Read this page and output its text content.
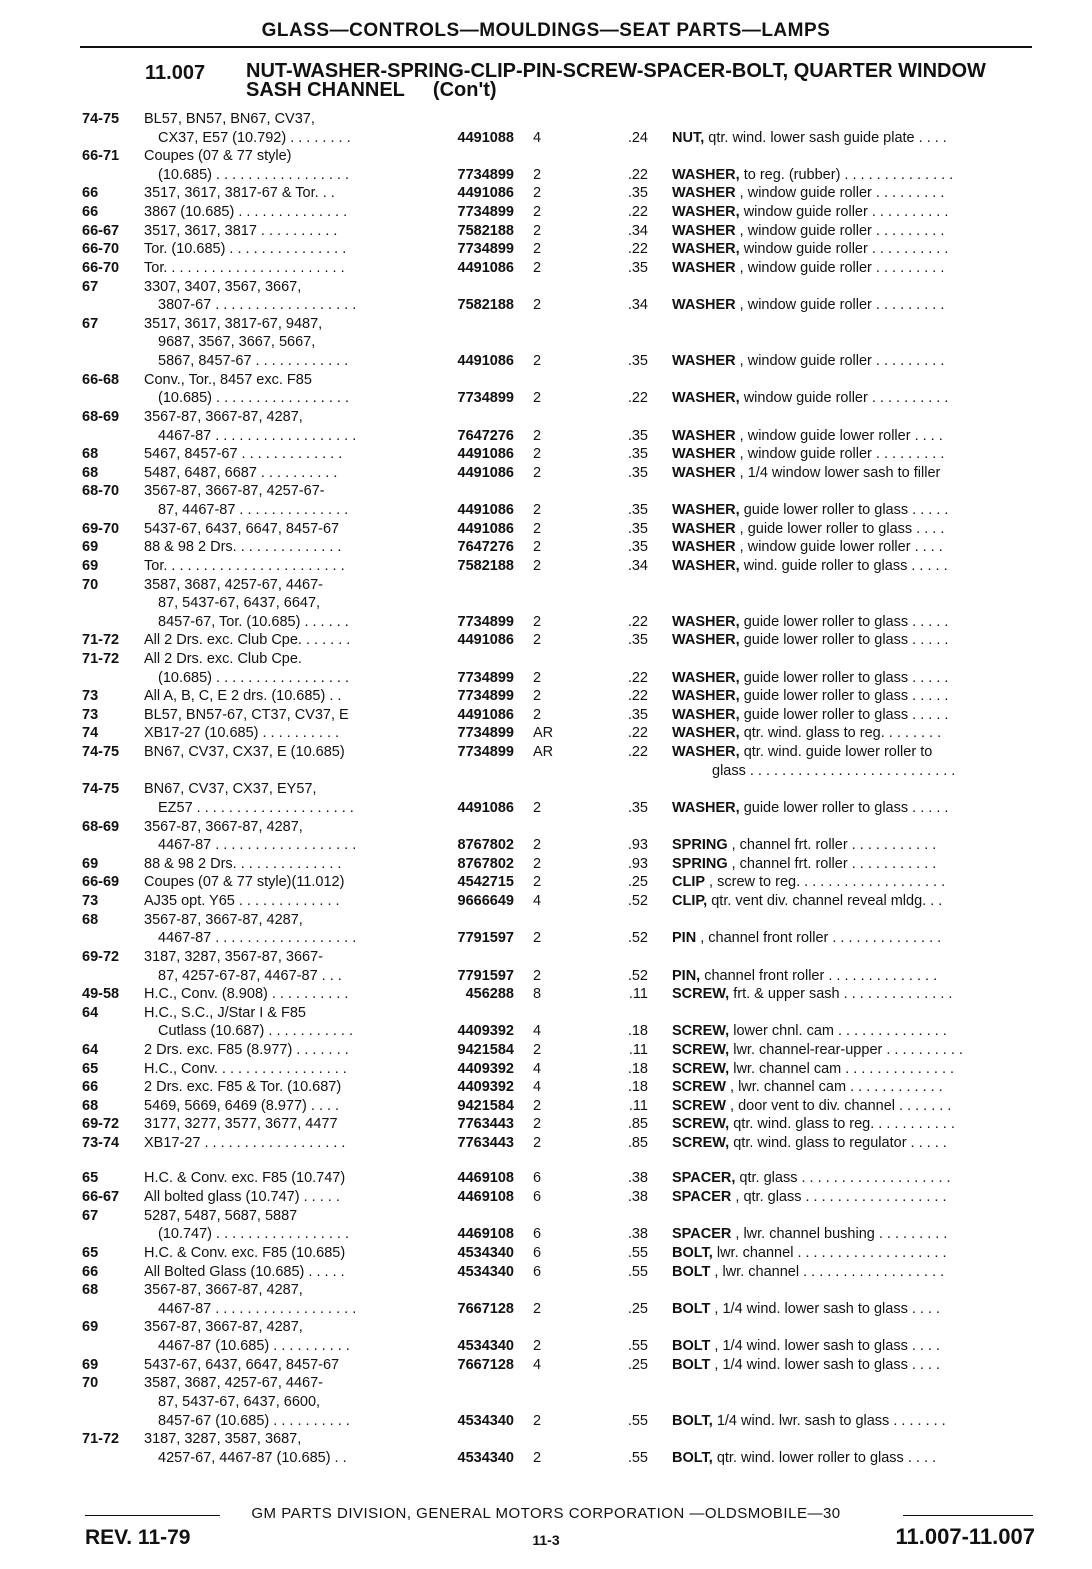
GLASS—CONTROLS—MOULDINGS—SEAT PARTS—LAMPS
11.007 NUT-WASHER-SPRING-CLIP-PIN-SCREW-SPACER-BOLT, QUARTER WINDOW SASH CHANNEL (Con't)
74-75 BL57, BN57, BN67, CV37,
CX37, E57 (10.792) . . . . . . . .	4491088 4	.24 NUT, qtr. wind. lower sash guide plate . . . .
66-71 Coupes (07 & 77 style)
(10.685) . . . . . . . . . . . . . . . . .	7734899 2	.22 WASHER, to reg. (rubber) . . . . . . . . . . . . . .
66	3517, 3617, 3817-67 & Tor. . .	4491086 2	.35 WASHER , window guide roller . . . . . . . . .
66	3867 (10.685) . . . . . . . . . . . . . .	7734899 2	.22 WASHER, window guide roller . . . . . . . . . .
66-67 3517, 3617, 3817 . . . . . . . . . .	7582188 2	.34 WASHER , window guide roller . . . . . . . . .
66-70 Tor. (10.685) . . . . . . . . . . . . . . .	7734899 2	.22 WASHER, window guide roller . . . . . . . . . .
66-70 Tor. . . . . . . . . . . . . . . . . . . . . . .	4491086 2	.35 WASHER , window guide roller . . . . . . . . .
67	3307, 3407, 3567, 3667,
3807-67 . . . . . . . . . . . . . . . . . .	7582188 2	.34 WASHER , window guide roller . . . . . . . . .
67	3517, 3617, 3817-67, 9487,
9687, 3567, 3667, 5667,
5867, 8457-67 . . . . . . . . . . . .	4491086 2	.35 WASHER , window guide roller . . . . . . . . .
66-68 Conv., Tor., 8457 exc. F85
(10.685) . . . . . . . . . . . . . . . . .	7734899 2	.22 WASHER, window guide roller . . . . . . . . . .
68-69 3567-87, 3667-87, 4287,
4467-87 . . . . . . . . . . . . . . . . . .	7647276 2	.35 WASHER , window guide lower roller . . . .
68	5467, 8457-67 . . . . . . . . . . . . .	4491086 2	.35 WASHER , window guide roller . . . . . . . . .
68	5487, 6487, 6687 . . . . . . . . . .	4491086 2	.35 WASHER , 1/4 window lower sash to filler
68-70 3567-87, 3667-87, 4257-67-
87, 4467-87 . . . . . . . . . . . . . .	4491086 2	.35 WASHER, guide lower roller to glass . . . . .
69-70 5437-67, 6437, 6647, 8457-67	4491086 2	.35 WASHER , guide lower roller to glass . . . .
69	88 & 98 2 Drs. . . . . . . . . . . . . .	7647276 2	.35 WASHER , window guide lower roller . . . .
69	Tor. . . . . . . . . . . . . . . . . . . . . . .	7582188 2	.34 WASHER, wind. guide roller to glass . . . . .
70	3587, 3687, 4257-67, 4467-
87, 5437-67, 6437, 6647,
8457-67, Tor. (10.685) . . . . . .	7734899 2	.22 WASHER, guide lower roller to glass . . . . .
71-72 All 2 Drs. exc. Club Cpe. . . . . . .	4491086 2	.35 WASHER, guide lower roller to glass . . . . .
71-72 All 2 Drs. exc. Club Cpe.
(10.685) . . . . . . . . . . . . . . . . .	7734899 2	.22 WASHER, guide lower roller to glass . . . . .
73	All A, B, C, E 2 drs. (10.685) . .	7734899 2	.22 WASHER, guide lower roller to glass . . . . .
73	BL57, BN57-67, CT37, CV37, E	4491086 2	.35 WASHER, guide lower roller to glass . . . . .
74	XB17-27 (10.685) . . . . . . . . . .	7734899 AR	.22 WASHER, qtr. wind. glass to reg. . . . . . . .
74-75 BN67, CV37, CX37, E (10.685)	7734899 AR	.22 WASHER, qtr. wind. guide lower roller to
glass . . . . . . . . . . . . . . . . . . . . . . . . . .
74-75 BN67, CV37, CX37, EY57,
EZ57 . . . . . . . . . . . . . . . . . . . .	4491086 2	.35 WASHER, guide lower roller to glass . . . . .
68-69 3567-87, 3667-87, 4287,
4467-87 . . . . . . . . . . . . . . . . . .	8767802 2	.93 SPRING , channel frt. roller . . . . . . . . . . .
69	88 & 98 2 Drs. . . . . . . . . . . . . .	8767802 2	.93 SPRING , channel frt. roller . . . . . . . . . . .
66-69 Coupes (07 & 77 style)(11.012)	4542715 2	.25 CLIP , screw to reg. . . . . . . . . . . . . . . . . . .
73	AJ35 opt. Y65 . . . . . . . . . . . . .	9666649 4	.52 CLIP, qtr. vent div. channel reveal mldg. . .
68	3567-87, 3667-87, 4287,
4467-87 . . . . . . . . . . . . . . . . . .	7791597 2	.52 PIN , channel front roller . . . . . . . . . . . . . .
69-72 3187, 3287, 3567-87, 3667-
87, 4257-67-87, 4467-87 . . .	7791597 2	.52 PIN, channel front roller . . . . . . . . . . . . . .
49-58 H.C., Conv. (8.908) . . . . . . . . . .	456288 8	.11 SCREW, frt. & upper sash . . . . . . . . . . . . . .
64	H.C., S.C., J/Star I & F85
Cutlass (10.687) . . . . . . . . . . .	4409392 4	.18 SCREW, lower chnl. cam . . . . . . . . . . . . . .
64	2 Drs. exc. F85 (8.977) . . . . . . .	9421584 2	.11 SCREW, lwr. channel-rear-upper . . . . . . . . . .
65	H.C., Conv. . . . . . . . . . . . . . . . .	4409392 4	.18 SCREW, lwr. channel cam . . . . . . . . . . . . . .
66	2 Drs. exc. F85 & Tor. (10.687)	4409392 4	.18 SCREW , lwr. channel cam . . . . . . . . . . . .
68	5469, 5669, 6469 (8.977) . . . .	9421584 2	.11 SCREW , door vent to div. channel . . . . . . .
69-72 3177, 3277, 3577, 3677, 4477	7763443 2	.85 SCREW, qtr. wind. glass to reg. . . . . . . . . . .
73-74 XB17-27 . . . . . . . . . . . . . . . . . .	7763443 2	.85 SCREW, qtr. wind. glass to regulator . . . . .
65	H.C. & Conv. exc. F85 (10.747)	4469108 6	.38 SPACER, qtr. glass . . . . . . . . . . . . . . . . . . .
66-67 All bolted glass (10.747) . . . . .	4469108 6	.38 SPACER , qtr. glass . . . . . . . . . . . . . . . . . .
67	5287, 5487, 5687, 5887
(10.747) . . . . . . . . . . . . . . . . .	4469108 6	.38 SPACER , lwr. channel bushing . . . . . . . . .
65	H.C. & Conv. exc. F85 (10.685)	4534340 6	.55 BOLT, lwr. channel . . . . . . . . . . . . . . . . . . .
66	All Bolted Glass (10.685) . . . . .	4534340 6	.55 BOLT , lwr. channel . . . . . . . . . . . . . . . . . .
68	3567-87, 3667-87, 4287,
4467-87 . . . . . . . . . . . . . . . . . .	7667128 2	.25 BOLT , 1/4 wind. lower sash to glass . . . .
69	3567-87, 3667-87, 4287,
4467-87 (10.685) . . . . . . . . . .	4534340 2	.55 BOLT , 1/4 wind. lower sash to glass . . . .
69	5437-67, 6437, 6647, 8457-67	7667128 4	.25 BOLT , 1/4 wind. lower sash to glass . . . .
70	3587, 3687, 4257-67, 4467-
87, 5437-67, 6437, 6600,
8457-67 (10.685) . . . . . . . . . .	4534340 2	.55 BOLT, 1/4 wind. lwr. sash to glass . . . . . . .
71-72 3187, 3287, 3587, 3687,
4257-67, 4467-87 (10.685) . .	4534340 2	.55 BOLT, qtr. wind. lower roller to glass . . . .
GM PARTS DIVISION, GENERAL MOTORS CORPORATION —OLDSMOBILE—30
REV. 11-79	11-3	11.007-11.007
